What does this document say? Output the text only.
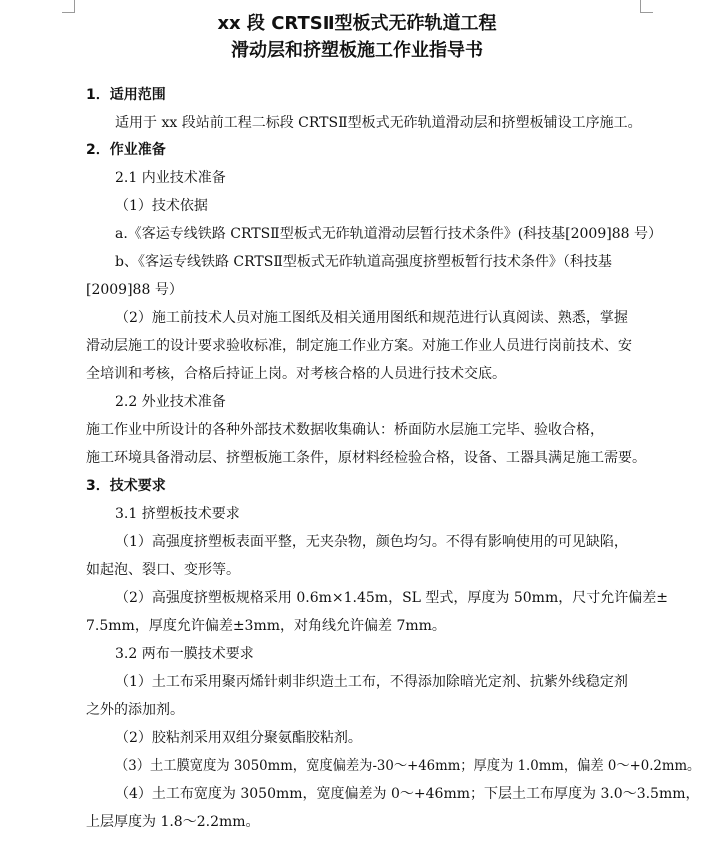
xx 段 CRTSⅡ型板式无砟轨道工程
滑动层和挤塑板施工作业指导书
1．适用范围
适用于 xx 段站前工程二标段 CRTSⅡ型板式无砟轨道滑动层和挤塑板铺设工序施工。
2．作业准备
2.1 内业技术准备
（1）技术依据
a.《客运专线铁路 CRTSⅡ型板式无砟轨道滑动层暂行技术条件》(科技基[2009]88 号）
b、《客运专线铁路 CRTSⅡ型板式无砟轨道高强度挤塑板暂行技术条件》（科技基
[2009]88 号）
（2）施工前技术人员对施工图纸及相关通用图纸和规范进行认真阅读、熟悉，掌握
滑动层施工的设计要求验收标准，制定施工作业方案。对施工作业人员进行岗前技术、安
全培训和考核，合格后持证上岗。对考核合格的人员进行技术交底。
2.2 外业技术准备
施工作业中所设计的各种外部技术数据收集确认：桥面防水层施工完毕、验收合格，
施工环境具备滑动层、挤塑板施工条件，原材料经检验合格，设备、工器具满足施工需要。
3．技术要求
3.1 挤塑板技术要求
（1）高强度挤塑板表面平整，无夹杂物，颜色均匀。不得有影响使用的可见缺陷，
如起泡、裂口、变形等。
（2）高强度挤塑板规格采用 0.6m×1.45m，SL 型式，厚度为 50mm，尺寸允许偏差±
7.5mm，厚度允许偏差±3mm，对角线允许偏差 7mm。
3.2 两布一膜技术要求
（1）土工布采用聚丙烯针刺非织造土工布，不得添加除暗光定剂、抗紫外线稳定剂
之外的添加剂。
（2）胶粘剂采用双组分聚氨酯胶粘剂。
（3）土工膜宽度为 3050mm，宽度偏差为-30～+46mm；厚度为 1.0mm，偏差 0～+0.2mm。
（4）土工布宽度为 3050mm，宽度偏差为 0～+46mm；下层土工布厚度为 3.0～3.5mm，
上层厚度为 1.8～2.2mm。
